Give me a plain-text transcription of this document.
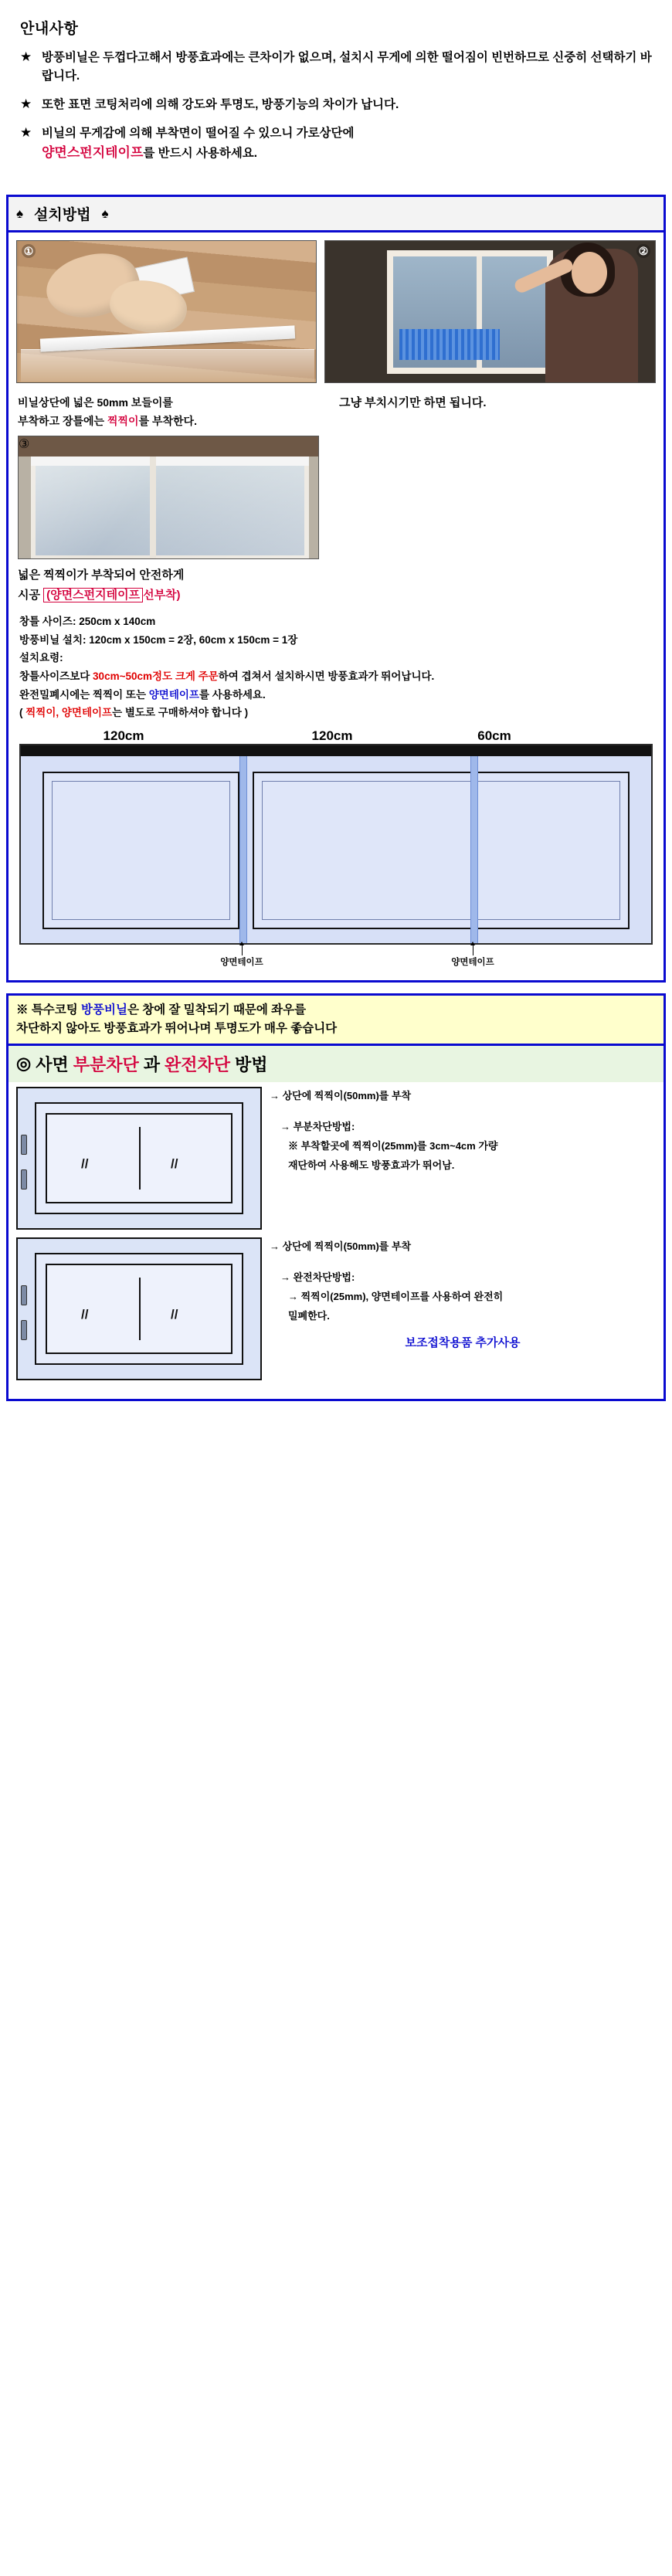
안내사항
★ 방풍비닐은 두껍다고해서 방풍효과에는 큰차이가 없으며, 설치시 무게에 의한 떨어짐이 빈번하므로 신중히 선택하기 바랍니다.
★ 또한 표면 코팅처리에 의해 강도와 투명도, 방풍기능의 차이가 납니다.
★ 비닐의 무게감에 의해 부착면이 떨어질 수 있으니 가로상단에
양면스펀지테이프를 반드시 사용하세요.
♠ 설치방법 ♠
①	②
비닐상단에 넓은 50mm 보들이를
부착하고 장틀에는 찍찍이를 부착한다.
그냥 부치시기만 하면 됩니다.
③
넓은 찍찍이가 부착되어 안전하게
시공 (양면스펀지테이프 선부착)
창틀 사이즈: 250cm x 140cm
방풍비닐 설치: 120cm x 150cm = 2장, 60cm x 150cm = 1장
설치요령:
창틀사이즈보다 30cm~50cm정도 크게 주문하여 겹쳐서 설치하시면 방풍효과가 뛰어납니다.
완전밀폐시에는 찍찍이 또는 양면테이프를 사용하세요.
( 찍찍이, 양면테이프는 별도로 구매하셔야 합니다 )
120cm	120cm	60cm
양면테이프	양면테이프
※ 특수코팅 방풍비닐은 창에 잘 밀착되기 때문에 좌우를
차단하지 않아도 방풍효과가 뛰어나며 투명도가 매우 좋습니다
◎ 사면 부분차단 과 완전차단 방법
//	//
→ 상단에 찍찍이(50mm)를 부착
→ 부분차단방법:
※ 부착할곳에 찍찍이(25mm)를 3cm~4cm 가량
재단하여 사용해도 방풍효과가 뛰어남.
//	//
→ 상단에 찍찍이(50mm)를 부착
→ 완전차단방법:
→ 찍찍이(25mm), 양면테이프를 사용하여 완전히
밀폐한다.
보조접착용품 추가사용
